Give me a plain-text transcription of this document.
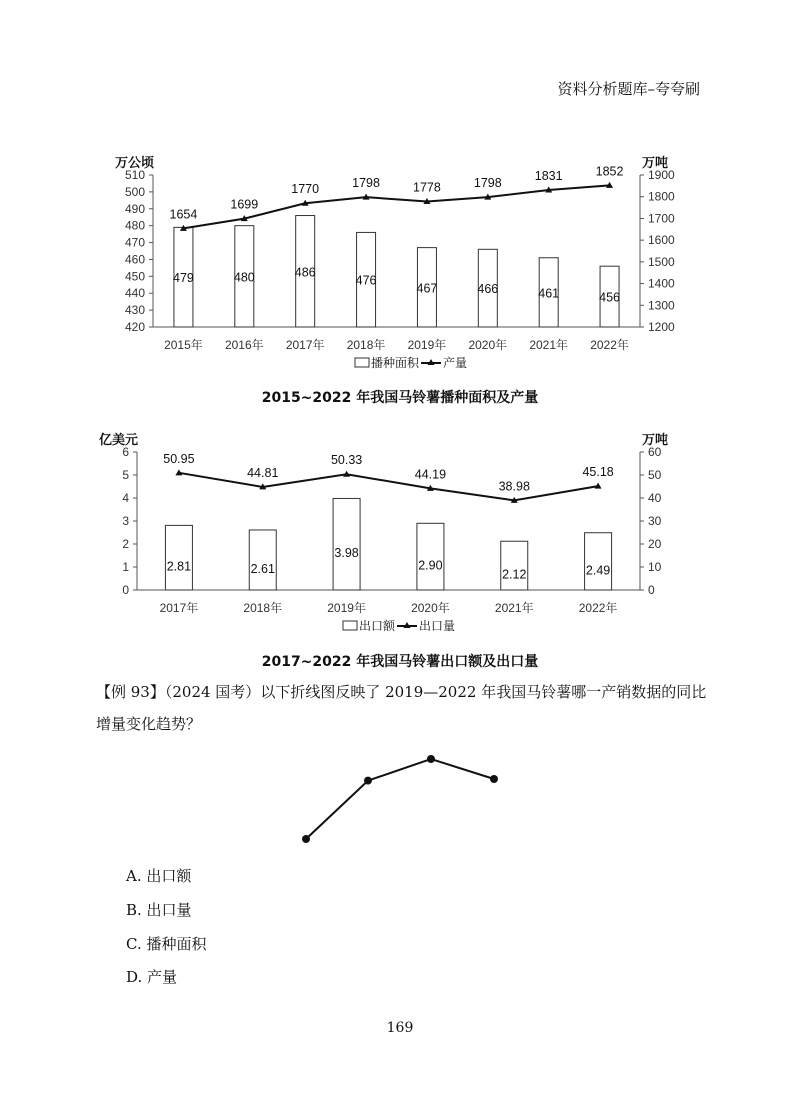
资料分析题库–夸夸刷
420
430
440
450
460
470
480
490
500
510
1200
1300
1400
1500
1600
1700
1800
1900
万公顷	万吨
2015年 2016年 2017年 2018年 2019年 2020年 2021年 2022年
479	480	486
476
467	466	461	456
1654
1699
1770	1798	1778	1798
1831	1852
播种面积 产量
2015~2022 年我国马铃薯播种面积及产量
0
1
2
3
4
5
6
0
10
20
30
40
50
60
亿美元	万吨
2017年	2018年	2019年	2020年	2021年	2022年
2.81	2.61
3.98
2.90
2.12	2.49
50.95
44.81
50.33
44.19
38.98
45.18
出口额 出口量
2017~2022 年我国马铃薯出口额及出口量
【例 93】（2024 国考）以下折线图反映了 2019—2022 年我国马铃薯哪一产销数据的同比增量变化趋势？
A. 出口额
B. 出口量
C. 播种面积
D. 产量
169
